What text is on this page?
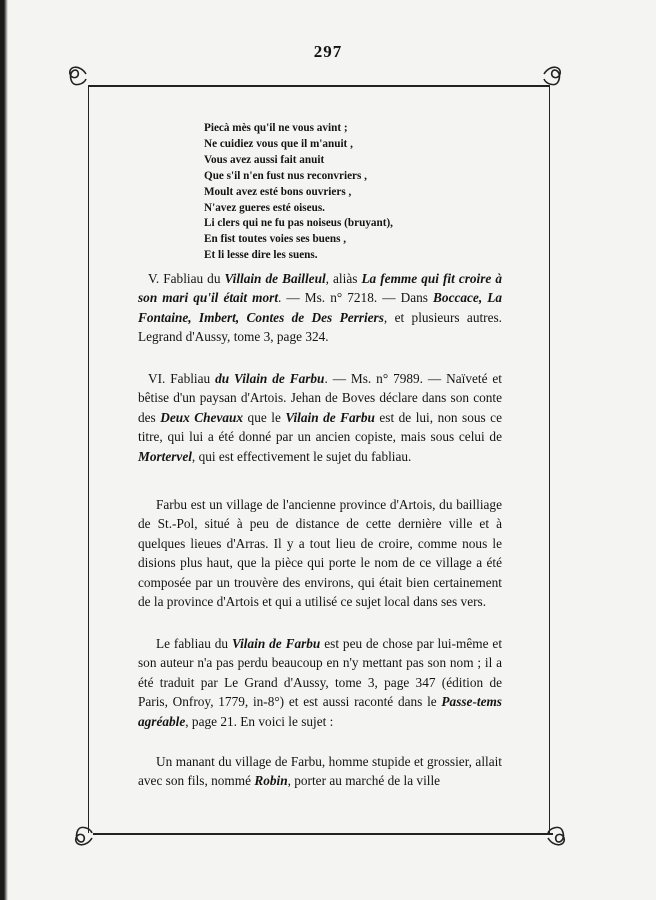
297
Piecà mès qu'il ne vous avint ;
Ne cuidiez vous que il m'anuit ,
Vous avez aussi fait anuit
Que s'il n'en fust nus reconvriers ,
Moult avez esté bons ouvriers ,
N'avez gueres esté oiseus.
Li clers qui ne fu pas noiseus (bruyant),
En fist toutes voies ses buens ,
Et li lesse dire les suens.
V. Fabliau du Villain de Bailleul, aliàs La femme qui fit croire à son mari qu'il était mort. — Ms. n° 7218. — Dans Boccace, La Fontaine, Imbert, Contes de Des Perriers, et plusieurs autres. Legrand d'Aussy, tome 3, page 324.
VI. Fabliau du Vilain de Farbu. — Ms. n° 7989. — Naïveté et bêtise d'un paysan d'Artois. Jehan de Boves déclare dans son conte des Deux Chevaux que le Vilain de Farbu est de lui, non sous ce titre, qui lui a été donné par un ancien copiste, mais sous celui de Mortervel, qui est effectivement le sujet du fabliau.
Farbu est un village de l'ancienne province d'Artois, du bailliage de St.-Pol, situé à peu de distance de cette dernière ville et à quelques lieues d'Arras. Il y a tout lieu de croire, comme nous le disions plus haut, que la pièce qui porte le nom de ce village a été composée par un trouvère des environs, qui était bien certainement de la province d'Artois et qui a utilisé ce sujet local dans ses vers.
Le fabliau du Vilain de Farbu est peu de chose par lui-même et son auteur n'a pas perdu beaucoup en n'y mettant pas son nom ; il a été traduit par Le Grand d'Aussy, tome 3, page 347 (édition de Paris, Onfroy, 1779, in-8°) et est aussi raconté dans le Passe-tems agréable, page 21. En voici le sujet :
Un manant du village de Farbu, homme stupide et grossier, allait avec son fils, nommé Robin, porter au marché de la ville
